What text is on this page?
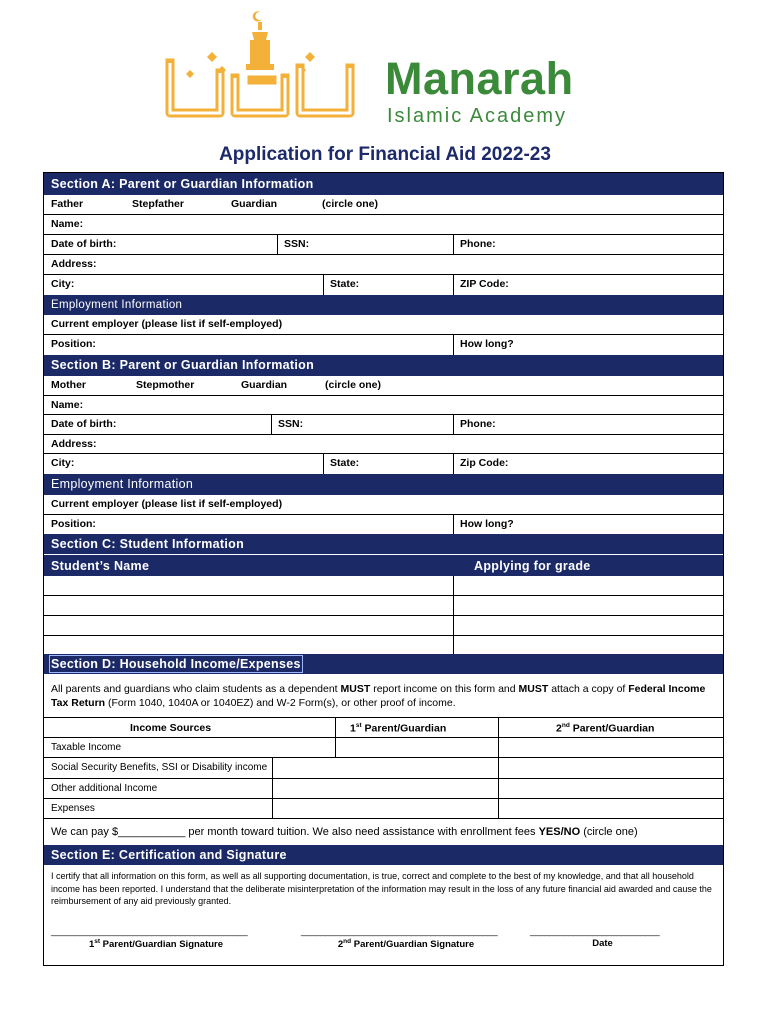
Manarah
Islamic Academy
Application for Financial Aid 2022-23
Section A: Parent or Guardian Information
Father	Stepfather	Guardian	(circle one)
Name:
Date of birth:	SSN:	Phone:
Address:
City:	State:	ZIP Code:
Employment Information
Current employer (please list if self-employed)
Position:	How long?
Section B: Parent or Guardian Information
Mother	Stepmother	Guardian	(circle one)
Name:
Date of birth:	SSN:	Phone:
Address:
City:	State:	Zip Code:
Employment Information
Current employer (please list if self-employed)
Position:	How long?
Section C: Student Information
Student’s Name	Applying for grade
Section D: Household Income/Expenses
All parents and guardians who claim students as a dependent MUST report income on this form and MUST attach a copy of Federal Income Tax Return (Form 1040, 1040A or 1040EZ) and W-2 Form(s), or other proof of income.
Income Sources	1st Parent/Guardian	2nd Parent/Guardian
Taxable Income
Social Security Benefits, SSI or Disability income
Other additional Income
Expenses
We can pay $___________ per month toward tuition. We also need assistance with enrollment fees YES/NO (circle one)
Section E: Certification and Signature
I certify that all information on this form, as well as all supporting documentation, is true, correct and complete to the best of my knowledge, and that all household income has been reported. I understand that the deliberate misinterpretation of the information may result in the loss of any future financial aid awarded and cause the reimbursement of any aid previously granted.
_________________________________________	_________________________________________	___________________________
1st Parent/Guardian Signature	2nd Parent/Guardian Signature	Date
